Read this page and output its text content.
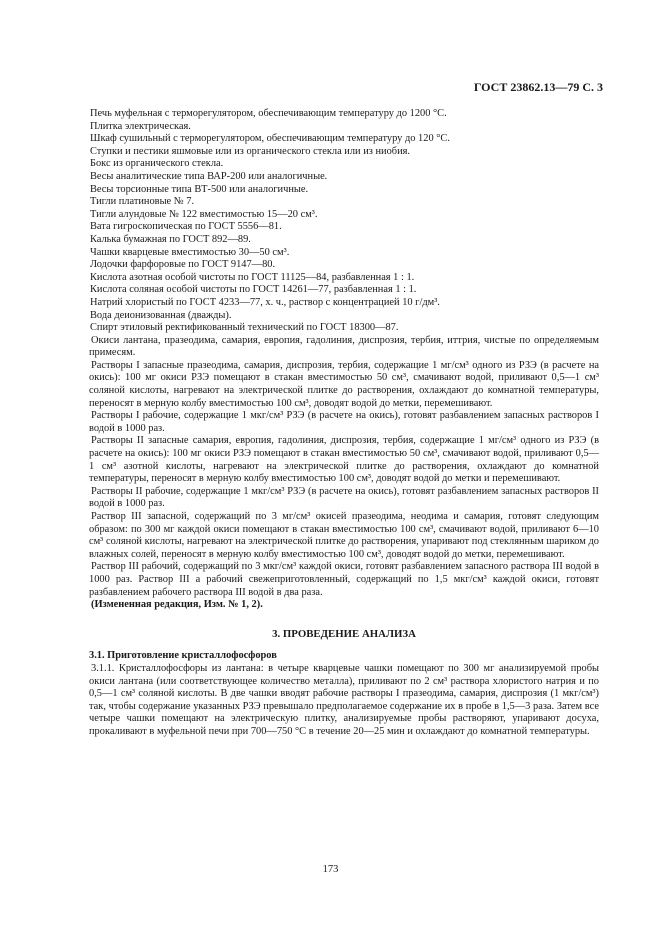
ГОСТ 23862.13—79 С. 3

Печь муфельная с терморегулятором, обеспечивающим температуру до 1200 °С.

Плитка электрическая.

Шкаф сушильный с терморегулятором, обеспечивающим температуру до 120 °С.

Ступки и пестики яшмовые или из органического стекла или из ниобия.

Бокс из органического стекла.

Весы аналитические типа ВАР-200 или аналогичные.

Весы торсионные типа ВТ-500 или аналогичные.

Тигли платиновые № 7.

Тигли алундовые № 122 вместимостью 15—20 см³.

Вата гигроскопическая по ГОСТ 5556—81.

Калька бумажная по ГОСТ 892—89.

Чашки кварцевые вместимостью 30—50 см³.

Лодочки фарфоровые по ГОСТ 9147—80.

Кислота азотная особой чистоты по ГОСТ 11125—84, разбавленная 1 : 1.

Кислота соляная особой чистоты по ГОСТ 14261—77, разбавленная 1 : 1.

Натрий хлористый по ГОСТ 4233—77, х. ч., раствор с концентрацией 10 г/дм³.

Вода деионизованная (дважды).

Спирт этиловый ректификованный технический по ГОСТ 18300—87.

Окиси лантана, празеодима, самария, европия, гадолиния, диспрозия, тербия, иттрия, чистые по определяемым примесям.

Растворы I запасные празеодима, самария, диспрозия, тербия, содержащие 1 мг/см³ одного из РЗЭ (в расчете на окись): 100 мг окиси РЗЭ помещают в стакан вместимостью 50 см³, смачивают водой, приливают 0,5—1 см³ соляной кислоты, нагревают на электрической плитке до растворения, охлаждают до комнатной температуры, переносят в мерную колбу вместимостью 100 см³, доводят водой до метки, перемешивают.

Растворы I рабочие, содержащие 1 мкг/см³ РЗЭ (в расчете на окись), готовят разбавлением запасных растворов I водой в 1000 раз.

Растворы II запасные самария, европия, гадолиния, диспрозия, тербия, содержащие 1 мг/см³ одного из РЗЭ (в расчете на окись): 100 мг окиси РЗЭ помещают в стакан вместимостью 50 см³, смачивают водой, приливают 0,5—1 см³ азотной кислоты, нагревают на электрической плитке до растворения, охлаждают до комнатной температуры, переносят в мерную колбу вместимостью 100 см³, доводят водой до метки и перемешивают.

Растворы II рабочие, содержащие 1 мкг/см³ РЗЭ (в расчете на окись), готовят разбавлением запасных растворов II водой в 1000 раз.

Раствор III запасной, содержащий по 3 мг/см³ окисей празеодима, неодима и самария, готовят следующим образом: по 300 мг каждой окиси помещают в стакан вместимостью 100 см³, смачивают водой, приливают 6—10 см³ соляной кислоты, нагревают на электрической плитке до растворения, упаривают под стеклянным шариком до влажных солей, переносят в мерную колбу вместимостью 100 см³, доводят водой до метки, перемешивают.

Раствор III рабочий, содержащий по 3 мкг/см³ каждой окиси, готовят разбавлением запасного раствора III водой в 1000 раз. Раствор III а рабочий свежеприготовленный, содержащий по 1,5 мкг/см³ каждой окиси, готовят разбавлением рабочего раствора III водой в два раза.

(Измененная редакция, Изм. № 1, 2).

3. ПРОВЕДЕНИЕ АНАЛИЗА

3.1. Приготовление кристаллофосфоров

3.1.1. Кристаллофосфоры из лантана: в четыре кварцевые чашки помещают по 300 мг анализируемой пробы окиси лантана (или соответствующее количество металла), приливают по 2 см³ раствора хлористого натрия и по 0,5—1 см³ соляной кислоты. В две чашки вводят рабочие растворы I празеодима, самария, диспрозия (1 мкг/см³) так, чтобы содержание указанных РЗЭ превышало предполагаемое содержание их в пробе в 1,5—3 раза. Затем все четыре чашки помещают на электрическую плитку, анализируемые пробы растворяют, упаривают досуха, прокаливают в муфельной печи при 700—750 °С в течение 20—25 мин и охлаждают до комнатной температуры.

173
